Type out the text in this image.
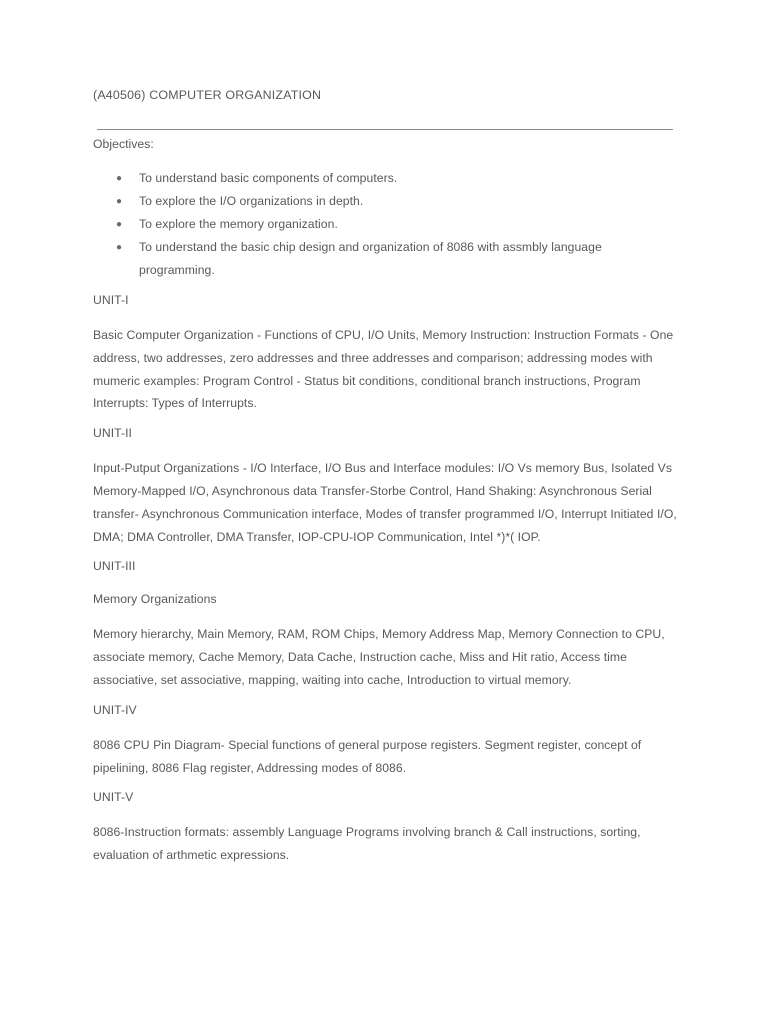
(A40506) COMPUTER ORGANIZATION
Objectives:
● To understand basic components of computers.
● To explore the I/O organizations in depth.
● To explore the memory organization.
● To understand the basic chip design and organization of 8086 with assmbly language programming.
UNIT-I

Basic Computer Organization - Functions of CPU, I/O Units, Memory Instruction: Instruction Formats - One address, two addresses, zero addresses and three addresses and comparison; addressing modes with mumeric examples: Program Control - Status bit conditions, conditional branch instructions, Program Interrupts: Types of Interrupts.

UNIT-II

Input-Putput Organizations - I/O Interface, I/O Bus and Interface modules: I/O Vs memory Bus, Isolated Vs Memory-Mapped I/O, Asynchronous data Transfer-Storbe Control, Hand Shaking: Asynchronous Serial transfer- Asynchronous Communication interface, Modes of transfer programmed I/O, Interrupt Initiated I/O, DMA; DMA Controller, DMA Transfer, IOP-CPU-IOP Communication, Intel *)*( IOP.

UNIT-III
Memory Organizations

Memory hierarchy, Main Memory, RAM, ROM Chips, Memory Address Map, Memory Connection to CPU, associate memory, Cache Memory, Data Cache, Instruction cache, Miss and Hit ratio, Access time associative, set associative, mapping, waiting into cache, Introduction to virtual memory.

UNIT-IV

8086 CPU Pin Diagram- Special functions of general purpose registers. Segment register, concept of pipelining, 8086 Flag register, Addressing modes of 8086.

UNIT-V

8086-Instruction formats: assembly Language Programs involving branch & Call instructions, sorting, evaluation of arthmetic expressions.
